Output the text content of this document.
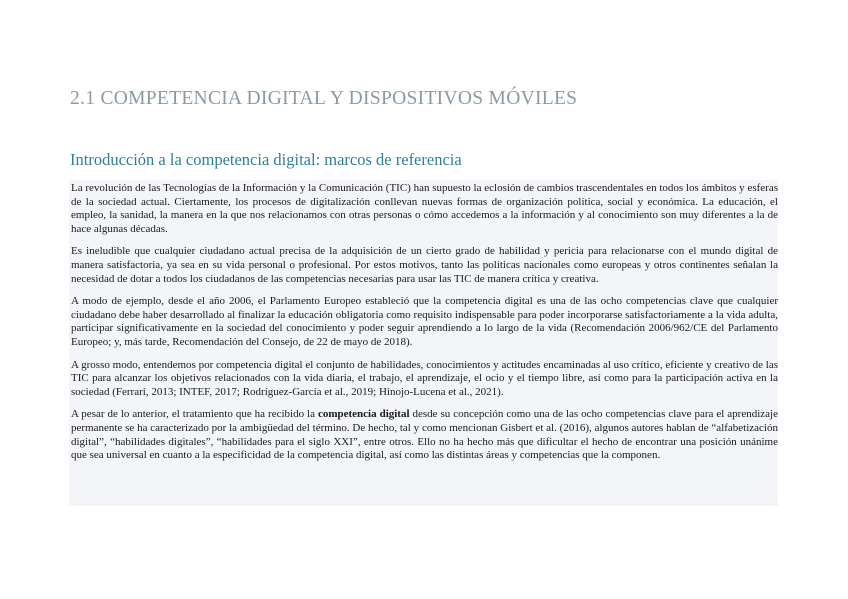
2.1 COMPETENCIA DIGITAL Y DISPOSITIVOS MÓVILES
Introducción a la competencia digital: marcos de referencia

La revolución de las Tecnologías de la Información y la Comunicación (TIC) han supuesto la eclosión de cambios trascendentales en todos los ámbitos y esferas de la sociedad actual. Ciertamente, los procesos de digitalización conllevan nuevas formas de organización política, social y económica. La educación, el empleo, la sanidad, la manera en la que nos relacionamos con otras personas o cómo accedemos a la información y al conocimiento son muy diferentes a la de hace algunas décadas.

Es ineludible que cualquier ciudadano actual precisa de la adquisición de un cierto grado de habilidad y pericia para relacionarse con el mundo digital de manera satisfactoria, ya sea en su vida personal o profesional. Por estos motivos, tanto las políticas nacionales como europeas y otros continentes señalan la necesidad de dotar a todos los ciudadanos de las competencias necesarias para usar las TIC de manera crítica y creativa.

A modo de ejemplo, desde el año 2006, el Parlamento Europeo estableció que la competencia digital es una de las ocho competencias clave que cualquier ciudadano debe haber desarrollado al finalizar la educación obligatoria como requisito indispensable para poder incorporarse satisfactoriamente a la vida adulta, participar significativamente en la sociedad del conocimiento y poder seguir aprendiendo a lo largo de la vida (Recomendación 2006/962/CE del Parlamento Europeo; y, más tarde, Recomendación del Consejo, de 22 de mayo de 2018).

A grosso modo, entendemos por competencia digital el conjunto de habilidades, conocimientos y actitudes encaminadas al uso crítico, eficiente y creativo de las TIC para alcanzar los objetivos relacionados con la vida diaria, el trabajo, el aprendizaje, el ocio y el tiempo libre, así como para la participación activa en la sociedad (Ferrari, 2013; INTEF, 2017; Rodríguez-García et al., 2019; Hinojo-Lucena et al., 2021).

A pesar de lo anterior, el tratamiento que ha recibido la competencia digital desde su concepción como una de las ocho competencias clave para el aprendizaje permanente se ha caracterizado por la ambigüedad del término. De hecho, tal y como mencionan Gisbert et al. (2016), algunos autores hablan de “alfabetización digital”, “habilidades digitales”, “habilidades para el siglo XXI”, entre otros. Ello no ha hecho más que dificultar el hecho de encontrar una posición unánime que sea universal en cuanto a la especificidad de la competencia digital, así como las distintas áreas y competencias que la componen.
